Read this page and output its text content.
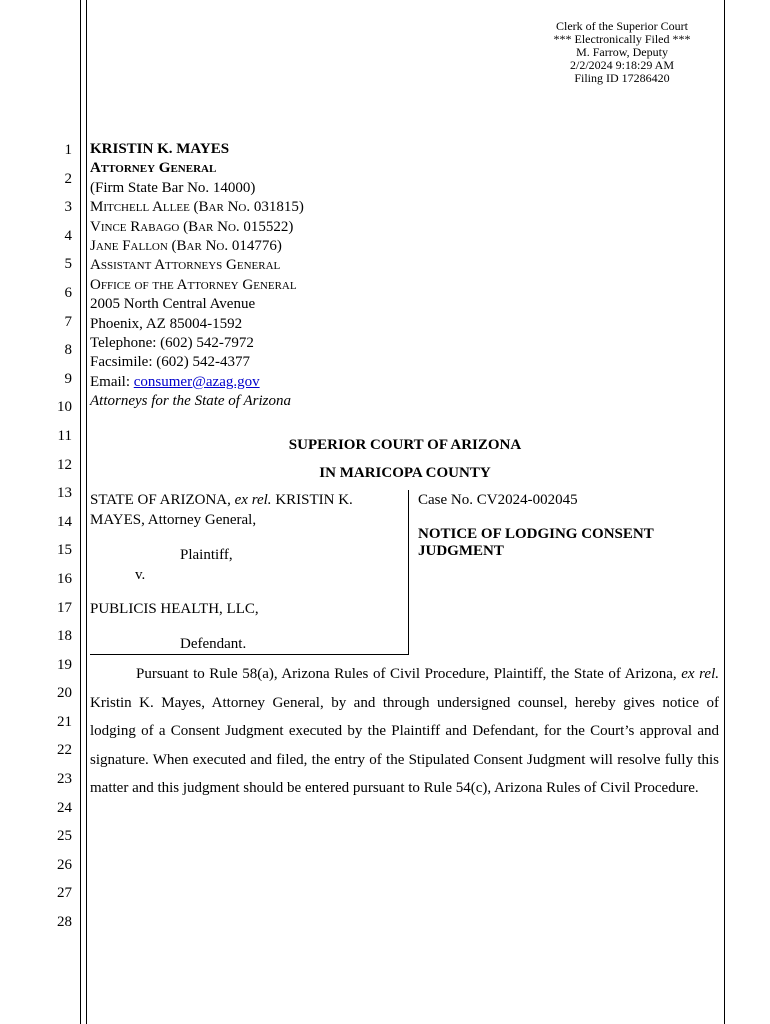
Clerk of the Superior Court
*** Electronically Filed ***
M. Farrow, Deputy
2/2/2024 9:18:29 AM
Filing ID 17286420
1
2
3
4
5
6
7
8
9
10
11
12
13
14
15
16
17
18
19
20
21
22
23
24
25
26
27
28
KRISTIN K. MAYES
Attorney General
(Firm State Bar No. 14000)
Mitchell Allee (Bar No. 031815)
Vince Rabago (Bar No. 015522)
Jane Fallon (Bar No. 014776)
Assistant Attorneys General
Office of the Attorney General
2005 North Central Avenue
Phoenix, AZ 85004-1592
Telephone: (602) 542-7972
Facsimile: (602) 542-4377
Email: consumer@azag.gov
Attorneys for the State of Arizona
SUPERIOR COURT OF ARIZONA
IN MARICOPA COUNTY
STATE OF ARIZONA, ex rel. KRISTIN K.
MAYES, Attorney General,
Plaintiff,
v.
PUBLICIS HEALTH, LLC,
Defendant.
Case No. CV2024-002045
NOTICE OF LODGING CONSENT
JUDGMENT
Pursuant to Rule 58(a), Arizona Rules of Civil Procedure, Plaintiff, the State of Arizona, ex rel. Kristin K. Mayes, Attorney General, by and through undersigned counsel, hereby gives notice of lodging of a Consent Judgment executed by the Plaintiff and Defendant, for the Court’s approval and signature. When executed and filed, the entry of the Stipulated Consent Judgment will resolve fully this matter and this judgment should be entered pursuant to Rule 54(c), Arizona Rules of Civil Procedure.
